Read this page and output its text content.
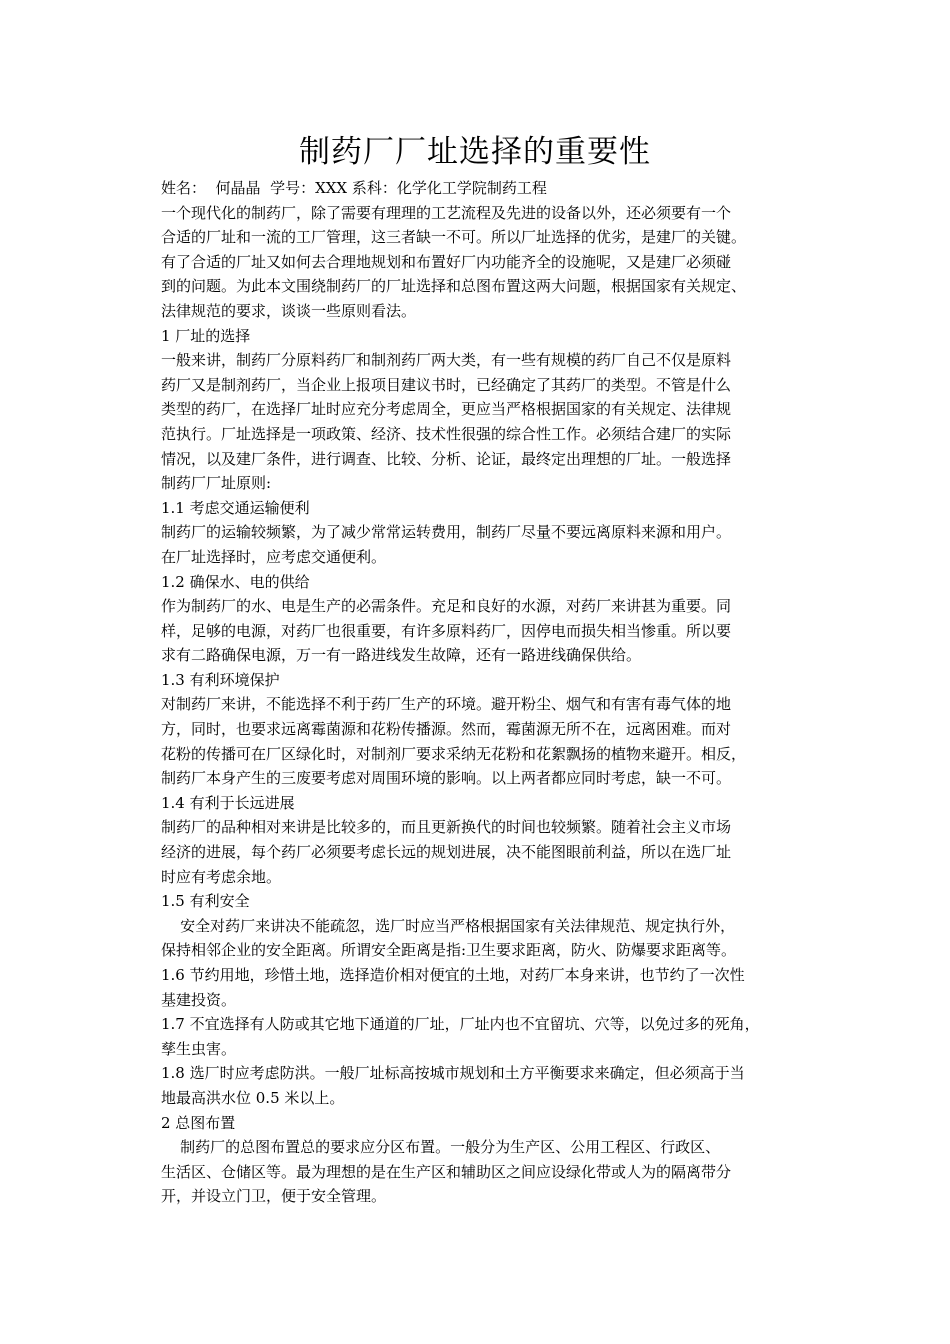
制药厂厂址选择的重要性

姓名：  何晶晶  学号：XXX 系科：化学化工学院制药工程

一个现代化的制药厂，除了需要有理理的工艺流程及先进的设备以外，还必须要有一个

合适的厂址和一流的工厂管理，这三者缺一不可。所以厂址选择的优劣，是建厂的关键。

有了合适的厂址又如何去合理地规划和布置好厂内功能齐全的设施呢，又是建厂必须碰

到的问题。为此本文围绕制药厂的厂址选择和总图布置这两大问题，根据国家有关规定、

法律规范的要求，谈谈一些原则看法。

1 厂址的选择

一般来讲，制药厂分原料药厂和制剂药厂两大类，有一些有规模的药厂自己不仅是原料

药厂又是制剂药厂，当企业上报项目建议书时，已经确定了其药厂的类型。不管是什么

类型的药厂，在选择厂址时应充分考虑周全，更应当严格根据国家的有关规定、法律规

范执行。厂址选择是一项政策、经济、技术性很强的综合性工作。必须结合建厂的实际

情况，以及建厂条件，进行调查、比较、分析、论证，最终定出理想的厂址。一般选择

制药厂厂址原则:

1.1 考虑交通运输便利

制药厂的运输较频繁，为了减少常常运转费用，制药厂尽量不要远离原料来源和用户。

在厂址选择时，应考虑交通便利。

1.2 确保水、电的供给

作为制药厂的水、电是生产的必需条件。充足和良好的水源，对药厂来讲甚为重要。同

样，足够的电源，对药厂也很重要，有许多原料药厂，因停电而损失相当惨重。所以要

求有二路确保电源，万一有一路进线发生故障，还有一路进线确保供给。

1.3 有利环境保护

对制药厂来讲，不能选择不利于药厂生产的环境。避开粉尘、烟气和有害有毒气体的地

方，同时，也要求远离霉菌源和花粉传播源。然而，霉菌源无所不在，远离困难。而对

花粉的传播可在厂区绿化时，对制剂厂要求采纳无花粉和花絮飘扬的植物来避开。相反，

制药厂本身产生的三废要考虑对周围环境的影响。以上两者都应同时考虑，缺一不可。

1.4 有利于长远进展

制药厂的品种相对来讲是比较多的，而且更新换代的时间也较频繁。随着社会主义市场

经济的进展，每个药厂必须要考虑长远的规划进展，决不能图眼前利益，所以在选厂址

时应有考虑余地。

1.5 有利安全

安全对药厂来讲决不能疏忽，选厂时应当严格根据国家有关法律规范、规定执行外，

保持相邻企业的安全距离。所谓安全距离是指:卫生要求距离，防火、防爆要求距离等。

1.6 节约用地，珍惜土地，选择造价相对便宜的土地，对药厂本身来讲，也节约了一次性

基建投资。

1.7 不宜选择有人防或其它地下通道的厂址，厂址内也不宜留坑、穴等，以免过多的死角，

孳生虫害。

1.8 选厂时应考虑防洪。一般厂址标高按城市规划和土方平衡要求来确定，但必须高于当

地最高洪水位 0.5 米以上。

2 总图布置

制药厂的总图布置总的要求应分区布置。一般分为生产区、公用工程区、行政区、

生活区、仓储区等。最为理想的是在生产区和辅助区之间应设绿化带或人为的隔离带分

开，并设立门卫，便于安全管理。
